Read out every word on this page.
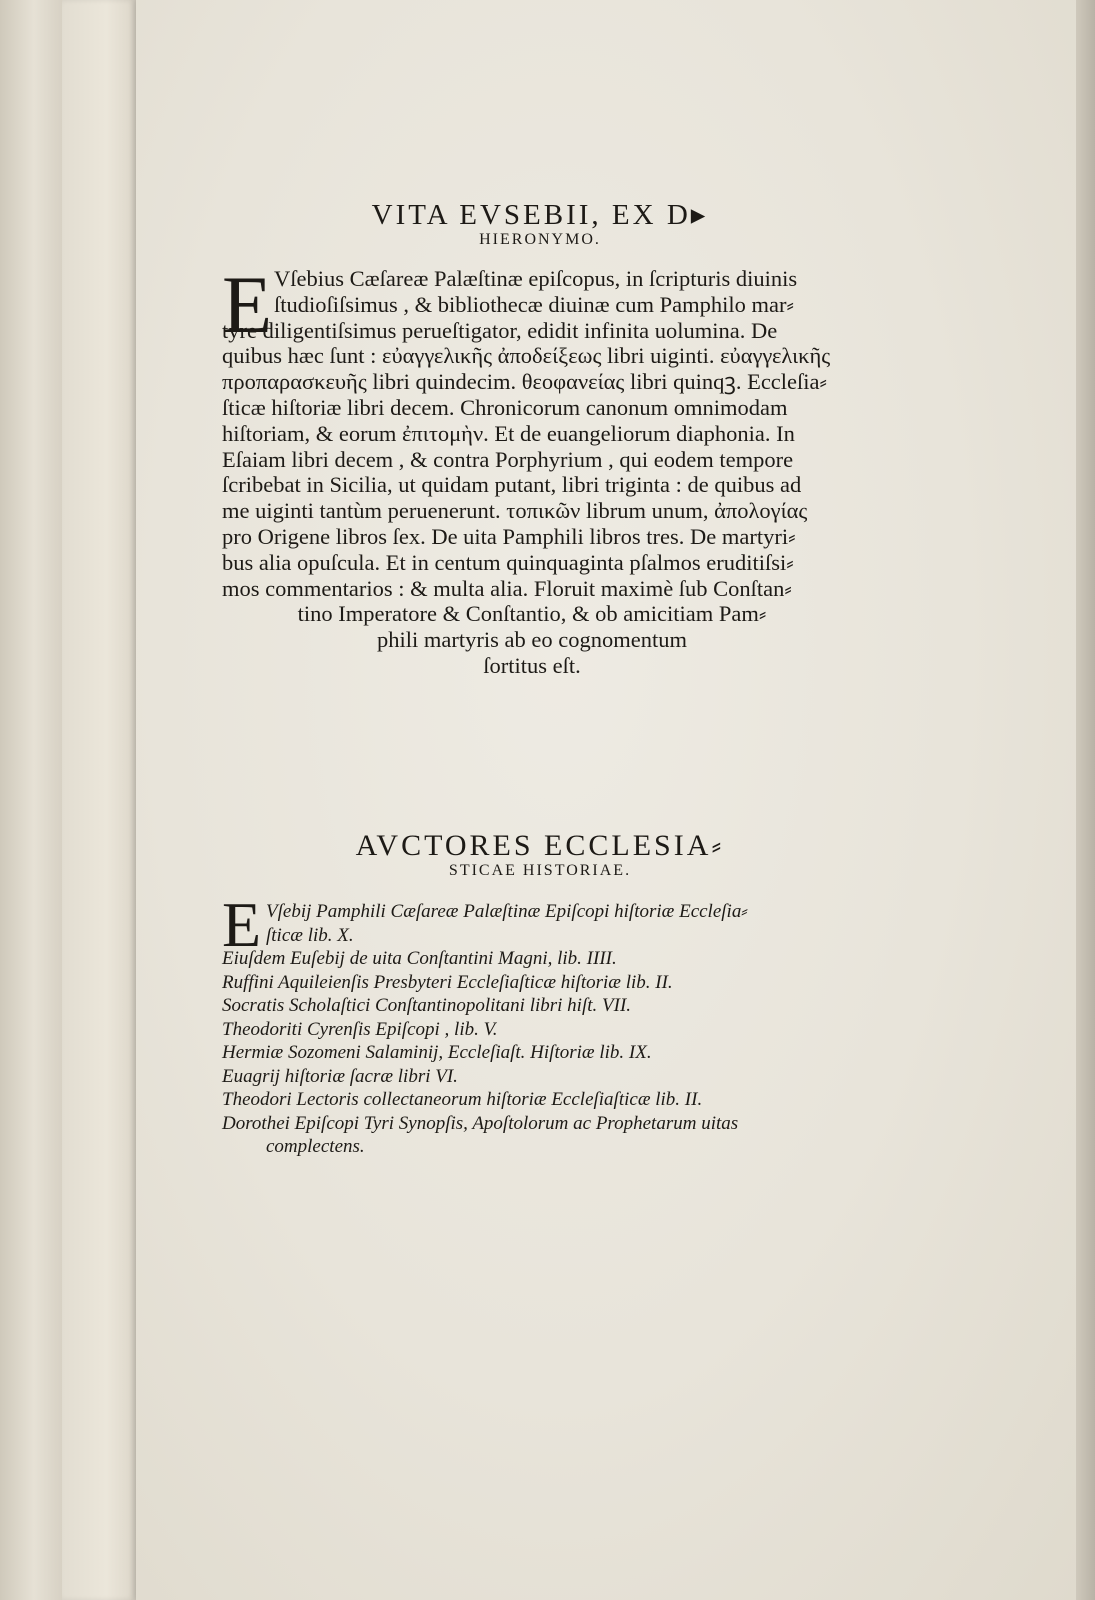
VITA EVSEBII, EX D▸
HIERONYMO.
E Vſebius Cæſareæ Palæſtinæ epiſcopus, in ſcripturis diuinis
ſtudioſiſsimus , & bibliothecæ diuinæ cum Pamphilo mar⸗
tyre diligentiſsimus perueſtigator, edidit infinita uolumina. De
quibus hæc ſunt : εὐαγγελικῆς ἀποδείξεως libri uiginti. εὐαγγελικῆς
προπαρασκευῆς libri quindecim. θεοφανείας libri quinqꝫ. Eccleſia⸗
ſticæ hiſtoriæ libri decem. Chronicorum canonum omnimodam
hiſtoriam, & eorum ἐπιτομὴν. Et de euangeliorum diaphonia. In
Eſaiam libri decem , & contra Porphyrium , qui eodem tempore
ſcribebat in Sicilia, ut quidam putant, libri triginta : de quibus ad
me uiginti tantùm peruenerunt. τοπικῶν librum unum, ἀπολογίας
pro Origene libros ſex. De uita Pamphili libros tres. De martyri⸗
bus alia opuſcula. Et in centum quinquaginta pſalmos eruditiſsi⸗
mos commentarios : & multa alia. Floruit maximè ſub Conſtan⸗
tino Imperatore & Conſtantio, & ob amicitiam Pam⸗
phili martyris ab eo cognomentum
ſortitus eſt.
AVCTORES ECCLESIA⸗
STICAE HISTORIAE.
E Vſebij Pamphili Cæſareæ Palæſtinæ Epiſcopi hiſtoriæ Eccleſia⸗
ſticæ lib. X.
Eiuſdem Euſebij de uita Conſtantini Magni, lib. IIII.
Ruffini Aquileienſis Presbyteri Eccleſiaſticæ hiſtoriæ lib. II.
Socratis Scholaſtici Conſtantinopolitani libri hiſt. VII.
Theodoriti Cyrenſis Epiſcopi , lib. V.
Hermiæ Sozomeni Salaminij, Eccleſiaſt. Hiſtoriæ lib. IX.
Euagrij hiſtoriæ ſacræ libri VI.
Theodori Lectoris collectaneorum hiſtoriæ Eccleſiaſticæ lib. II.
Dorothei Epiſcopi Tyri Synopſis, Apoſtolorum ac Prophetarum uitas
complectens.
